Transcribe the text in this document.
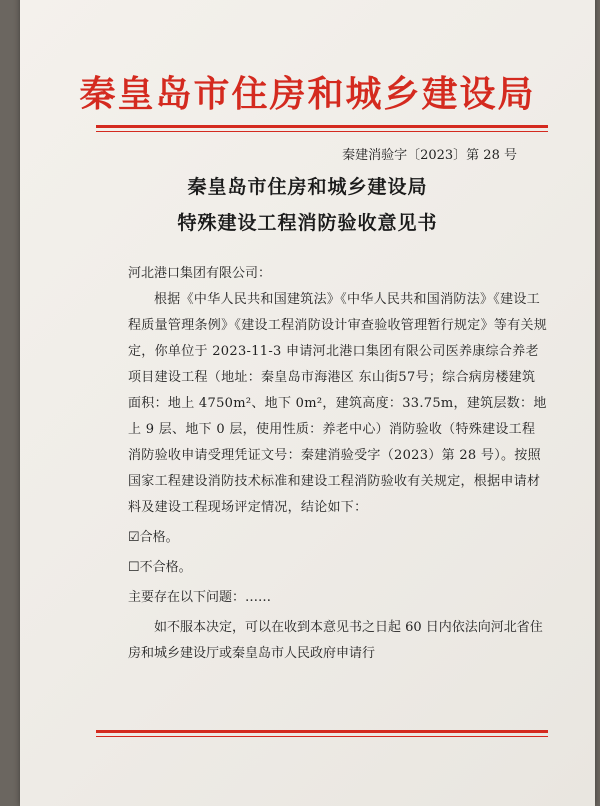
秦皇岛市住房和城乡建设局
秦建消验字〔2023〕第 28 号
秦皇岛市住房和城乡建设局
特殊建设工程消防验收意见书

河北港口集团有限公司：

根据《中华人民共和国建筑法》《中华人民共和国消防法》《建设工程质量管理条例》《建设工程消防设计审查验收管理暂行规定》等有关规定，你单位于 2023-11-3 申请河北港口集团有限公司医养康综合养老项目建设工程（地址：秦皇岛市海港区 东山街57号；综合病房楼建筑面积：地上 4750m²、地下 0m²，建筑高度：33.75m，建筑层数：地上 9 层、地下 0 层，使用性质：养老中心）消防验收（特殊建设工程消防验收申请受理凭证文号：秦建消验受字（2023）第 28 号）。按照国家工程建设消防技术标准和建设工程消防验收有关规定，根据申请材料及建设工程现场评定情况，结论如下：

☑合格。

☐不合格。

主要存在以下问题：……

如不服本决定，可以在收到本意见书之日起 60 日内依法向河北省住房和城乡建设厅或秦皇岛市人民政府申请行
